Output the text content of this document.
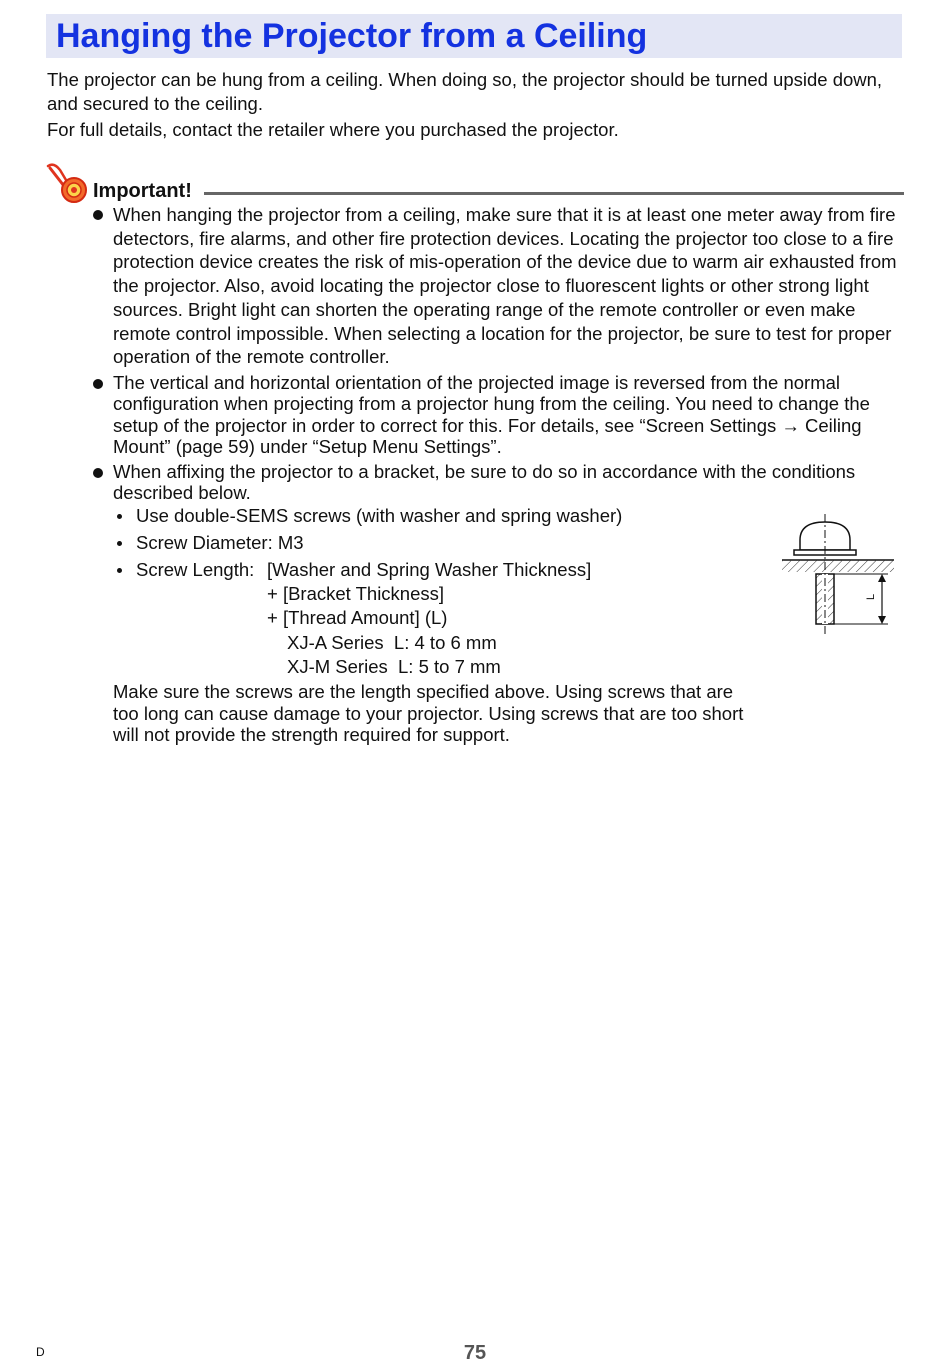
Hanging the Projector from a Ceiling

The projector can be hung from a ceiling. When doing so, the projector should be turned upside down, and secured to the ceiling.

For full details, contact the retailer where you purchased the projector.

Important!
When hanging the projector from a ceiling, make sure that it is at least one meter away from fire detectors, fire alarms, and other fire protection devices. Locating the projector too close to a fire protection device creates the risk of mis-operation of the device due to warm air exhausted from the projector. Also, avoid locating the projector close to fluorescent lights or other strong light sources. Bright light can shorten the operating range of the remote controller or even make remote control impossible. When selecting a location for the projector, be sure to test for proper operation of the remote controller.
The vertical and horizontal orientation of the projected image is reversed from the normal configuration when projecting from a projector hung from the ceiling. You need to change the setup of the projector in order to correct for this. For details, see “Screen Settings → Ceiling Mount” (page 59) under “Setup Menu Settings”.
When affixing the projector to a bracket, be sure to do so in accordance with the conditions described below.
Use double-SEMS screws (with washer and spring washer)
Screw Diameter: M3
Screw Length: [Washer and Spring Washer Thickness]
+ [Bracket Thickness]
+ [Thread Amount] (L)
XJ-A Series  L: 4 to 6 mm
XJ-M Series  L: 5 to 7 mm
Make sure the screws are the length specified above. Using screws that are too long can cause damage to your projector. Using screws that are too short will not provide the strength required for support.
L
D	75
